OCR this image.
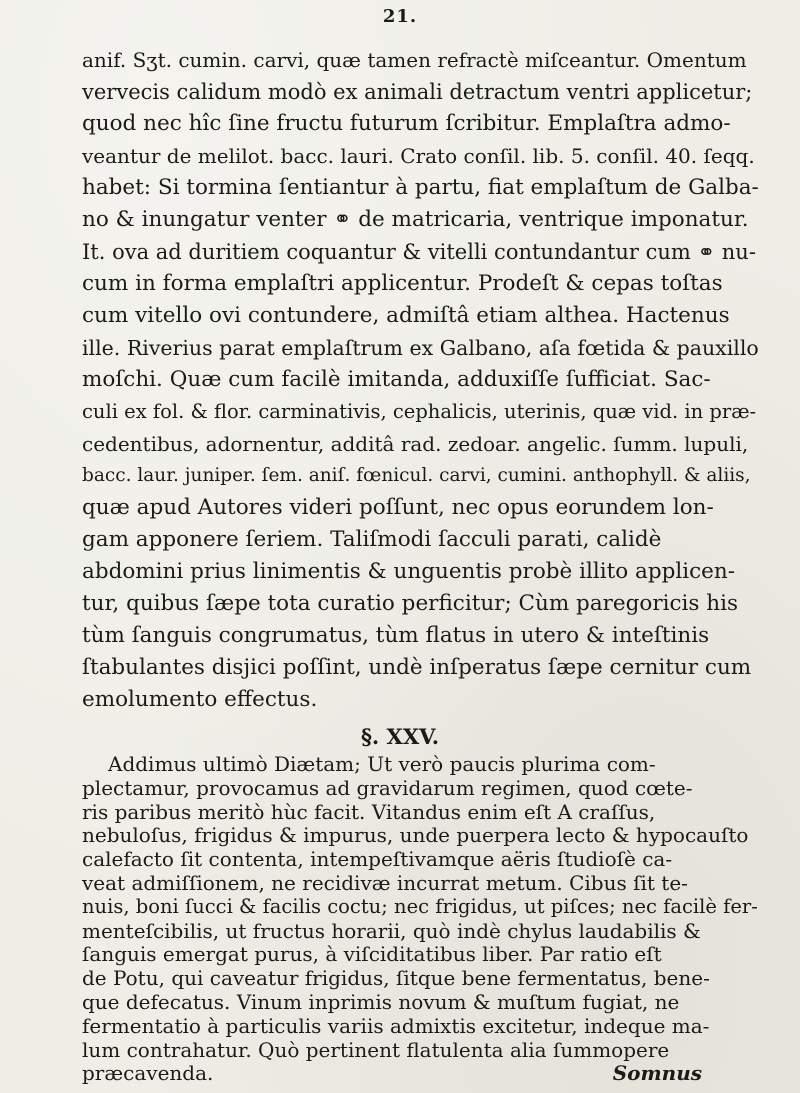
21.
anif. Sʒt. cumin. carvi, quæ tamen refractè miſceantur. Omentum
vervecis calidum modò ex animali detractum ventri applicetur;
quod nec hîc ſine fructu futurum ſcribitur. Emplaſtra admo-
veantur de melilot. bacc. lauri. Crato conſil. lib. 5. conſil. 40. ſeqq.
habet: Si tormina ſentiantur à partu, fiat emplaſtum de Galba-
no & inungatur venter ⚭ de matricaria, ventrique imponatur.
It. ova ad duritiem coquantur & vitelli contundantur cum ⚭ nu-
cum in forma emplaſtri applicentur. Prodeſt & cepas toſtas
cum vitello ovi contundere, admiſtâ etiam althea. Hactenus
ille. Riverius parat emplaſtrum ex Galbano, aſa fœtida & pauxillo
moſchi. Quæ cum facilè imitanda, adduxiſſe ſufficiat. Sac-
culi ex fol. & flor. carminativis, cephalicis, uterinis, quæ vid. in præ-
cedentibus, adornentur, additâ rad. zedoar. angelic. ſumm. lupuli,
bacc. laur. juniper. ſem. aniſ. fœnicul. carvi, cumini. anthophyll. & aliis,
quæ apud Autores videri poſſunt, nec opus eorundem lon-
gam apponere ſeriem. Taliſmodi ſacculi parati, calidè
abdomini prius linimentis & unguentis probè illito applicen-
tur, quibus ſæpe tota curatio perficitur; Cùm paregoricis his
tùm ſanguis congrumatus, tùm flatus in utero & inteſtinis
ſtabulantes disjici poſſint, undè inſperatus ſæpe cernitur cum
emolumento effectus.
§. XXV.
Addimus ultimò Diætam; Ut verò paucis plurima com-
plectamur, provocamus ad gravidarum regimen, quod cœte-
ris paribus meritò hùc facit. Vitandus enim eſt A craſſus,
nebuloſus, frigidus & impurus, unde puerpera lecto & hypocauſto
calefacto ſit contenta, intempeſtivamque aëris ſtudioſè ca-
veat admiſſionem, ne recidivæ incurrat metum. Cibus ſit te-
nuis, boni ſucci & facilis coctu; nec frigidus, ut piſces; nec facilè fer-
menteſcibilis, ut fructus horarii, quò indè chylus laudabilis &
ſanguis emergat purus, à viſciditatibus liber. Par ratio eſt
de Potu, qui caveatur frigidus, ſitque bene fermentatus, bene-
que defecatus. Vinum inprimis novum & muſtum fugiat, ne
fermentatio à particulis variis admixtis excitetur, indeque ma-
lum contrahatur. Quò pertinent flatulenta alia ſummopere
præcavenda.	Somnus
